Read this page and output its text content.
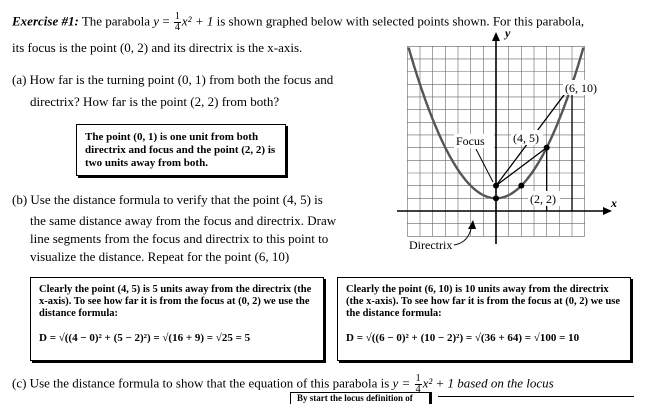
Exercise #1: The parabola $y = \frac{1}{4} x^2 + 1$ is shown graphed below with selected points shown. For this parabola,
its focus is the point (0, 2) and its directrix is the x-axis.
(a) How far is the turning point (0, 1) from both the focus and
directrix? How far is the point (2, 2) from both?
The point (0, 1) is one unit from both directrix and focus and the point (2, 2) is two units away from both.
(b) Use the distance formula to verify that the point (4, 5) is
the same distance away from the focus and directrix. Draw
line segments from the focus and directrix to this point to
visualize the distance. Repeat for the point (6, 10)
Clearly the point (4, 5) is 5 units away from the directrix (the x-axis). To see how far it is from the focus at (0, 2) we use the distance formula:
D = √((4 − 0)² + (5 − 2)²) = √(16 + 9) = √25 = 5
Clearly the point (6, 10) is 10 units away from the directrix (the x-axis). To see how far it is from the focus at (0, 2) we use the distance formula:
D = √((6 − 0)² + (10 − 2)²) = √(36 + 64) = √100 = 10
(c) Use the distance formula to show that the equation of this parabola is $y = \frac{1}{4} x^2 + 1$ based on the locus
By start the locus definition of
y
x
Focus
(6, 10)
(4, 5)
(2, 2)
Directrix
